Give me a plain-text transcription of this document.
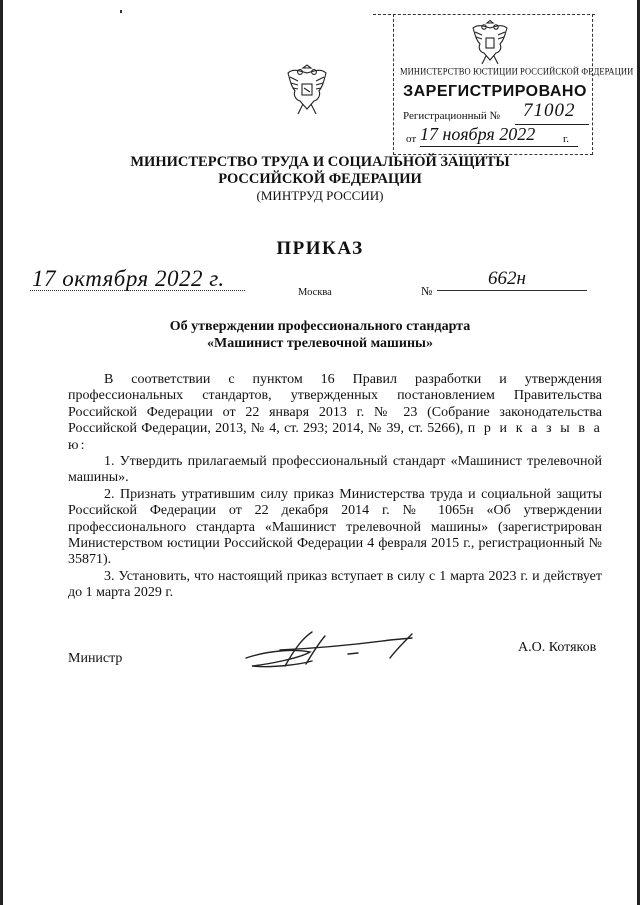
МИНИСТЕРСТВО ЮСТИЦИИ РОССИЙСКОЙ ФЕДЕРАЦИИ
ЗАРЕГИСТРИРОВАНО
Регистрационный № 71002
от 17 ноября 2022	г.
МИНИСТЕРСТВО ТРУДА И СОЦИАЛЬНОЙ ЗАЩИТЫ
РОССИЙСКОЙ ФЕДЕРАЦИИ
(МИНТРУД РОССИИ)
ПРИКАЗ
17 октября 2022 г.
Москва	№
662н
Об утверждении профессионального стандарта
«Машинист трелевочной машины»

В соответствии с пунктом 16 Правил разработки и утверждения профессиональных стандартов, утвержденных постановлением Правительства Российской Федерации от 22 января 2013 г. № 23 (Собрание законодательства Российской Федерации, 2013, № 4, ст. 293; 2014, № 39, ст. 5266), п р и к а з ы в а ю:

1. Утвердить прилагаемый профессиональный стандарт «Машинист трелевочной машины».

2. Признать утратившим силу приказ Министерства труда и социальной защиты Российской Федерации от 22 декабря 2014 г. № 1065н «Об утверждении профессионального стандарта «Машинист трелевочной машины» (зарегистрирован Министерством юстиции Российской Федерации 4 февраля 2015 г., регистрационный № 35871).

3. Установить, что настоящий приказ вступает в силу с 1 марта 2023 г. и действует до 1 марта 2029 г.

Министр
А.О. Котяков
